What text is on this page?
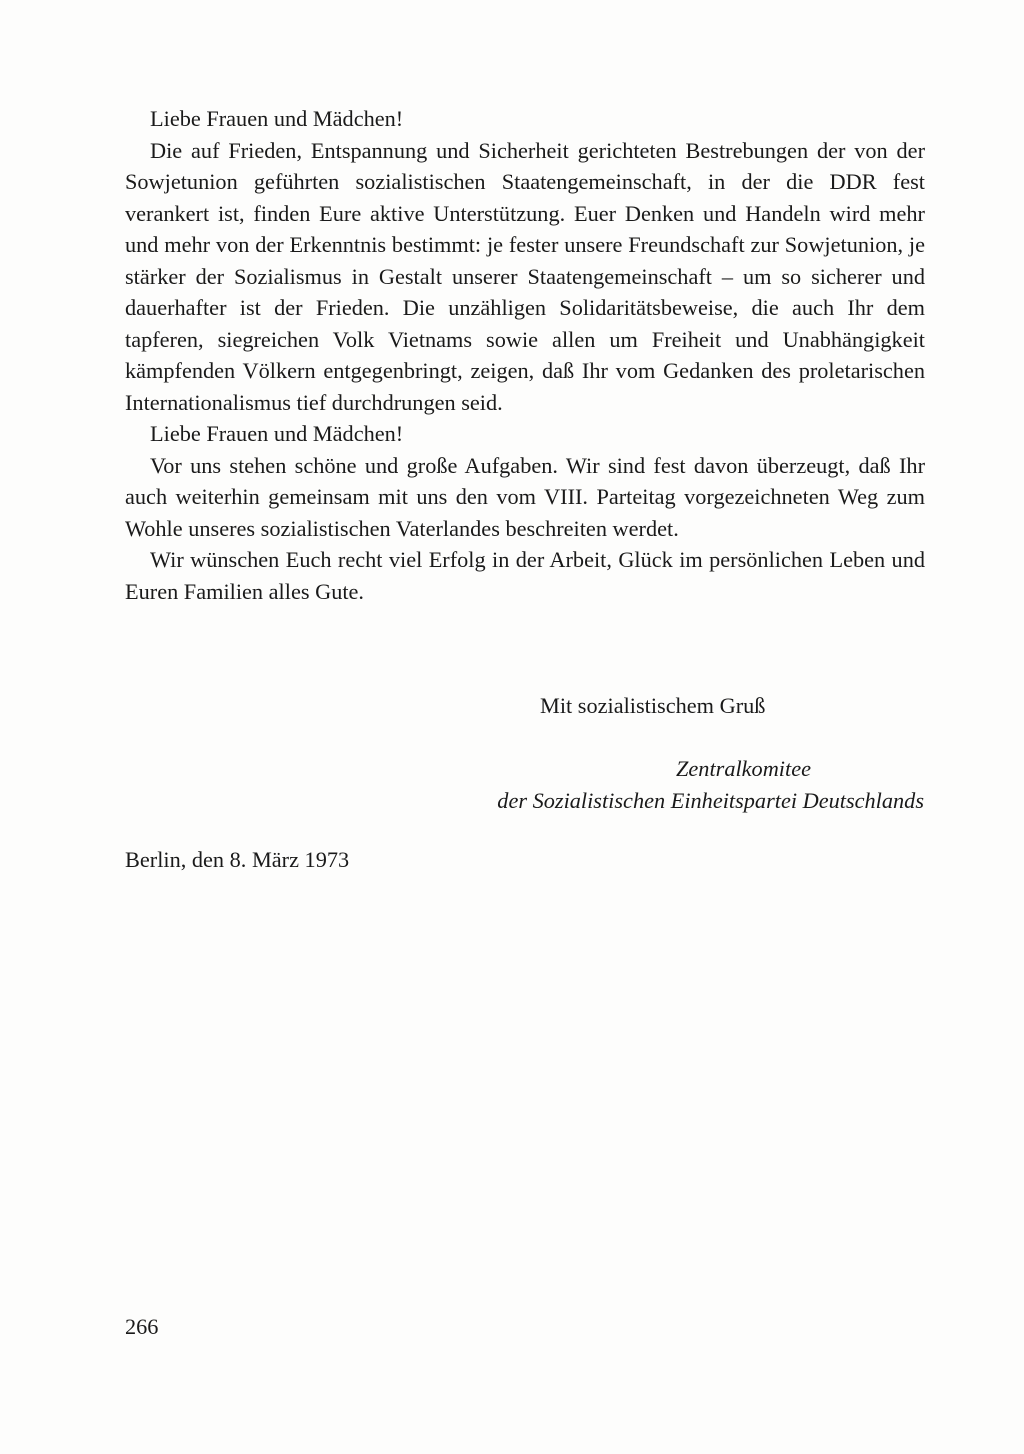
Liebe Frauen und Mädchen!

Die auf Frieden, Entspannung und Sicherheit gerichteten Bestrebungen der von der Sowjetunion geführten sozialistischen Staatengemeinschaft, in der die DDR fest verankert ist, finden Eure aktive Unterstützung. Euer Denken und Handeln wird mehr und mehr von der Erkenntnis bestimmt: je fester unsere Freundschaft zur Sowjetunion, je stärker der Sozialismus in Gestalt unserer Staatengemeinschaft – um so sicherer und dauerhafter ist der Frieden. Die unzähligen Solidaritätsbeweise, die auch Ihr dem tapferen, siegreichen Volk Vietnams sowie allen um Freiheit und Unabhängigkeit kämpfenden Völkern entgegenbringt, zeigen, daß Ihr vom Gedanken des proletarischen Internationalismus tief durchdrungen seid.

Liebe Frauen und Mädchen!

Vor uns stehen schöne und große Aufgaben. Wir sind fest davon überzeugt, daß Ihr auch weiterhin gemeinsam mit uns den vom VIII. Parteitag vorgezeichneten Weg zum Wohle unseres sozialistischen Vaterlandes beschreiten werdet.

Wir wünschen Euch recht viel Erfolg in der Arbeit, Glück im persönlichen Leben und Euren Familien alles Gute.

Mit sozialistischem Gruß
Zentralkomitee
der Sozialistischen Einheitspartei Deutschlands
Berlin, den 8. März 1973
266
